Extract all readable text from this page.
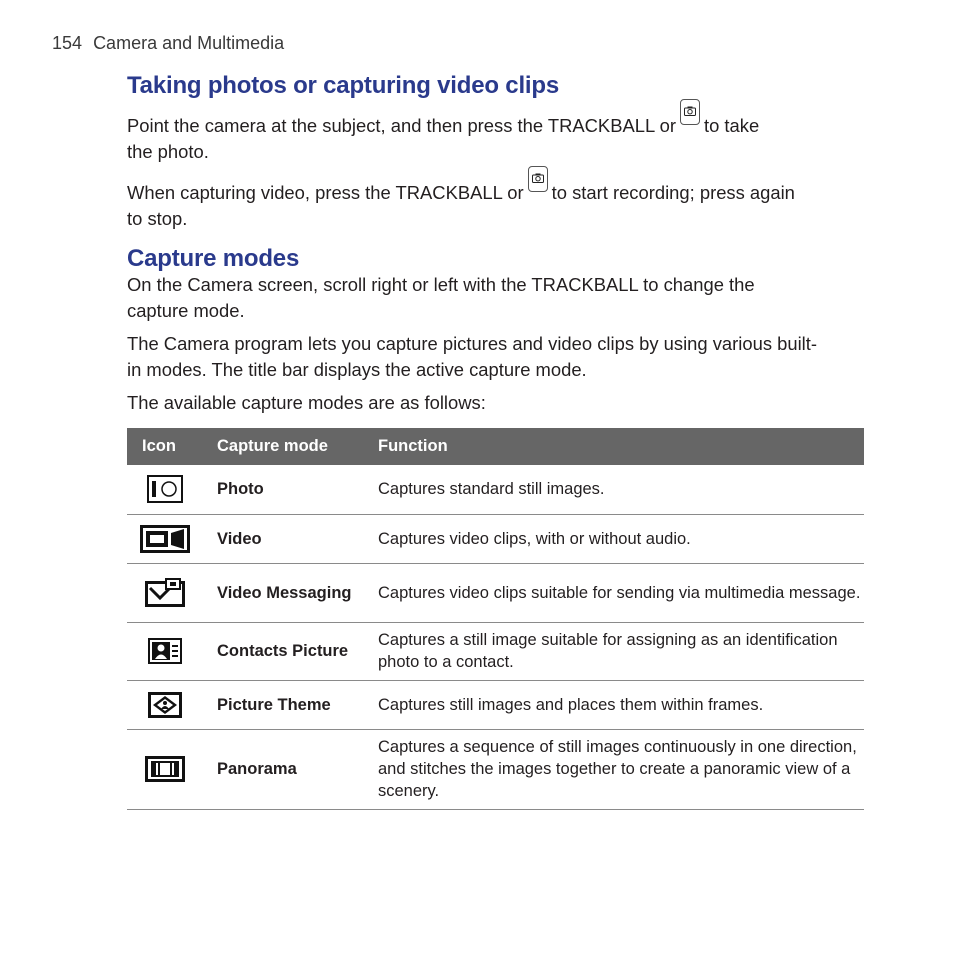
154 Camera and Multimedia
Taking photos or capturing video clips

Point the camera at the subject, and then press the TRACKBALL or to take
the photo.

When capturing video, press the TRACKBALL or to start recording; press again
to stop.

Capture modes

On the Camera screen, scroll right or left with the TRACKBALL to change the capture mode.

The Camera program lets you capture pictures and video clips by using various built-in modes. The title bar displays the active capture mode.

The available capture modes are as follows:

Icon	Capture mode	Function
	Photo	Captures standard still images.
	Video	Captures video clips, with or without audio.
	Video Messaging	Captures video clips suitable for sending via multimedia message.
	Contacts Picture	Captures a still image suitable for assigning as an identification photo to a contact.
	Picture Theme	Captures still images and places them within frames.
	Panorama	Captures a sequence of still images continuously in one direction, and stitches the images together to create a panoramic view of a scenery.
